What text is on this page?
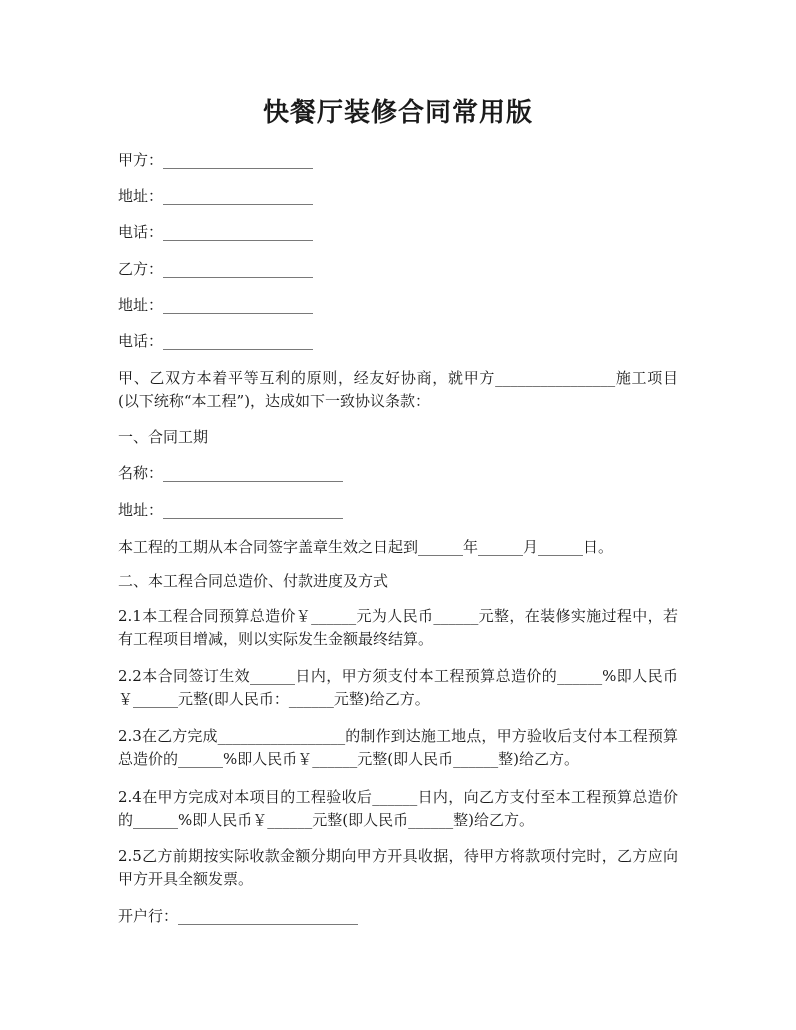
快餐厅装修合同常用版

甲方：____________________

地址：____________________

电话：____________________

乙方：____________________

地址：____________________

电话：____________________

甲、乙双方本着平等互利的原则，经友好协商，就甲方________________施工项目(以下统称“本工程”)，达成如下一致协议条款：

一、合同工期

名称：________________________

地址：________________________

本工程的工期从本合同签字盖章生效之日起到______年______月______日。

二、本工程合同总造价、付款进度及方式

2.1本工程合同预算总造价￥______元为人民币______元整，在装修实施过程中，若有工程项目增减，则以实际发生金额最终结算。

2.2本合同签订生效______日内，甲方须支付本工程预算总造价的______%即人民币￥______元整(即人民币：______元整)给乙方。

2.3在乙方完成_________________的制作到达施工地点，甲方验收后支付本工程预算总造价的______%即人民币￥______元整(即人民币______整)给乙方。

2.4在甲方完成对本项目的工程验收后______日内，向乙方支付至本工程预算总造价的______%即人民币￥______元整(即人民币______整)给乙方。

2.5乙方前期按实际收款金额分期向甲方开具收据，待甲方将款项付完时，乙方应向甲方开具全额发票。

开户行：________________________
